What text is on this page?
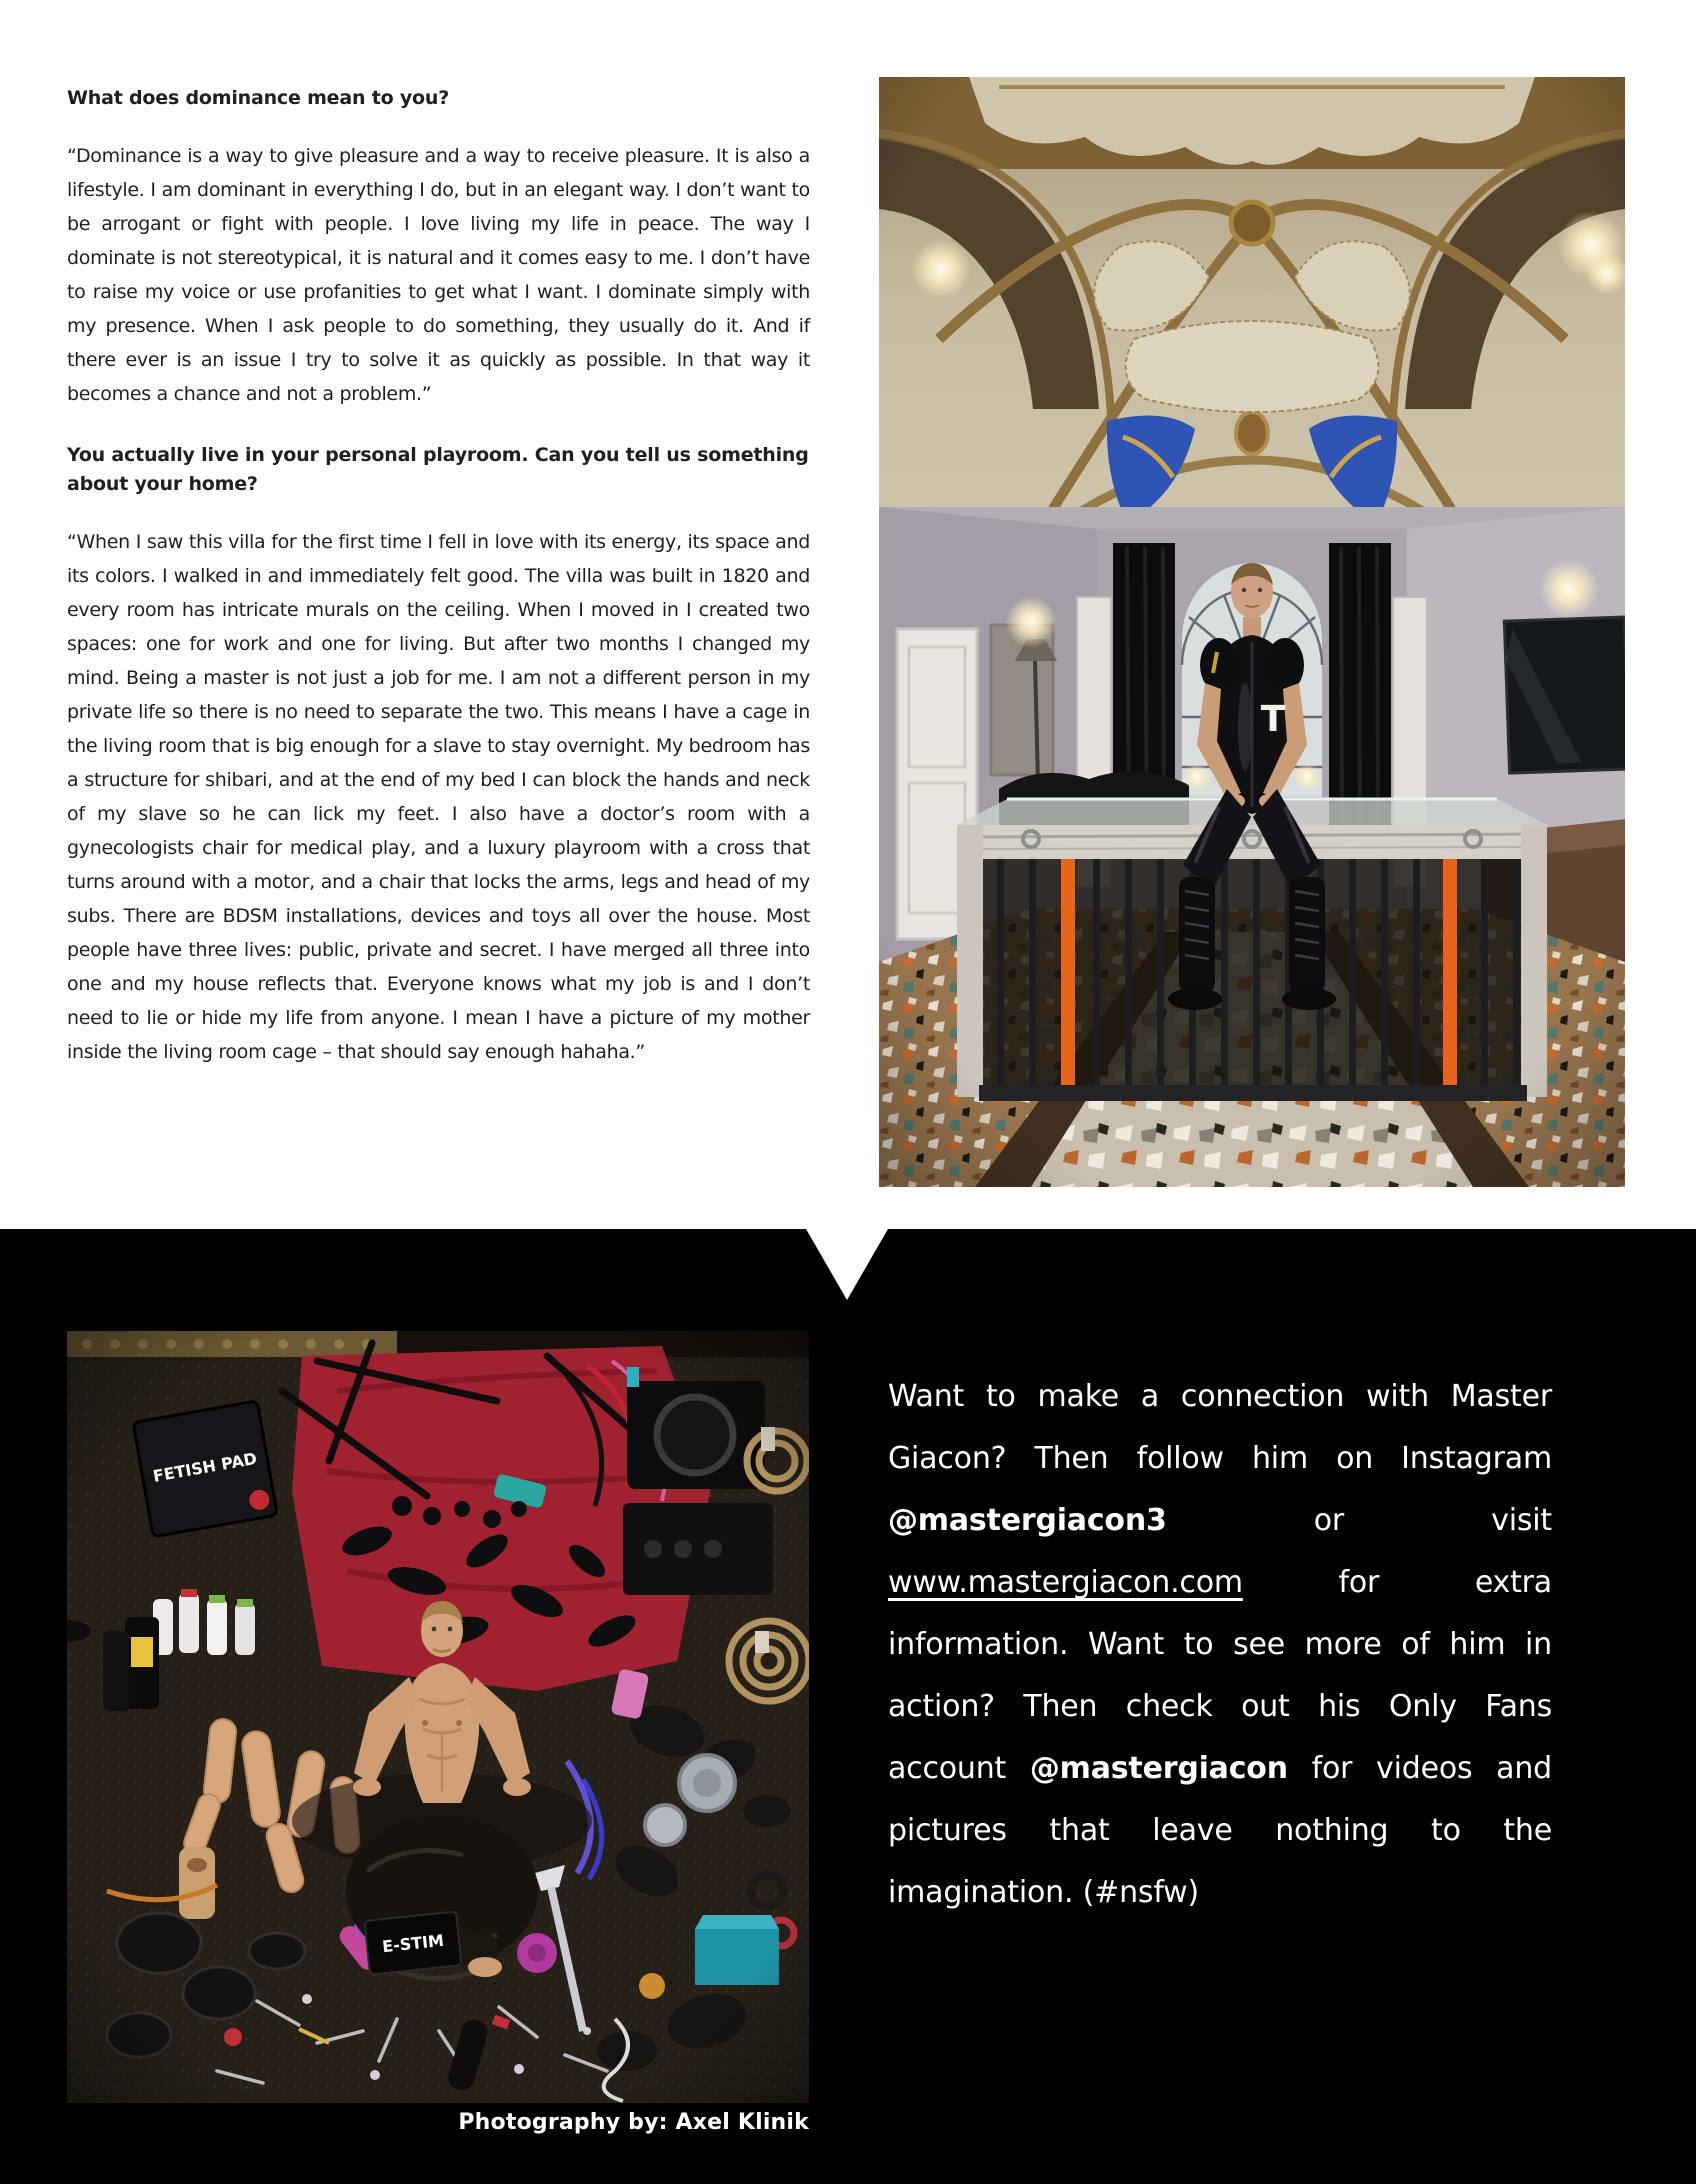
What does dominance mean to you?

“Dominance is a way to give pleasure and a way to receive pleasure. It is also a lifestyle. I am dominant in everything I do, but in an elegant way. I don’t want to be arrogant or fight with people. I love living my life in peace. The way I dominate is not stereotypical, it is natural and it comes easy to me. I don’t have to raise my voice or use profanities to get what I want. I dominate simply with my presence. When I ask people to do something, they usually do it. And if there ever is an issue I try to solve it as quickly as possible. In that way it becomes a chance and not a problem.”

You actually live in your personal playroom. Can you tell us something about your home?

“When I saw this villa for the first time I fell in love with its energy, its space and its colors. I walked in and immediately felt good. The villa was built in 1820 and every room has intricate murals on the ceiling. When I moved in I created two spaces: one for work and one for living. But after two months I changed my mind. Being a master is not just a job for me. I am not a different person in my private life so there is no need to separate the two. This means I have a cage in the living room that is big enough for a slave to stay overnight. My bedroom has a structure for shibari, and at the end of my bed I can block the hands and neck of my slave so he can lick my feet. I also have a doctor’s room with a gynecologists chair for medical play, and a luxury playroom with a cross that turns around with a motor, and a chair that locks the arms, legs and head of my subs. There are BDSM installations, devices and toys all over the house. Most people have three lives: public, private and secret. I have merged all three into one and my house reflects that. Everyone knows what my job is and I don’t need to lie or hide my life from anyone. I mean I have a picture of my mother inside the living room cage – that should say enough hahaha.”

Photography by: Axel Klinik

Want to make a connection with Master Giacon? Then follow him on Instagram @mastergiacon3 or visit www.mastergiacon.com for extra information. Want to see more of him in action? Then check out his Only Fans account @mastergiacon for videos and pictures that leave nothing to the imagination. (#nsfw)
